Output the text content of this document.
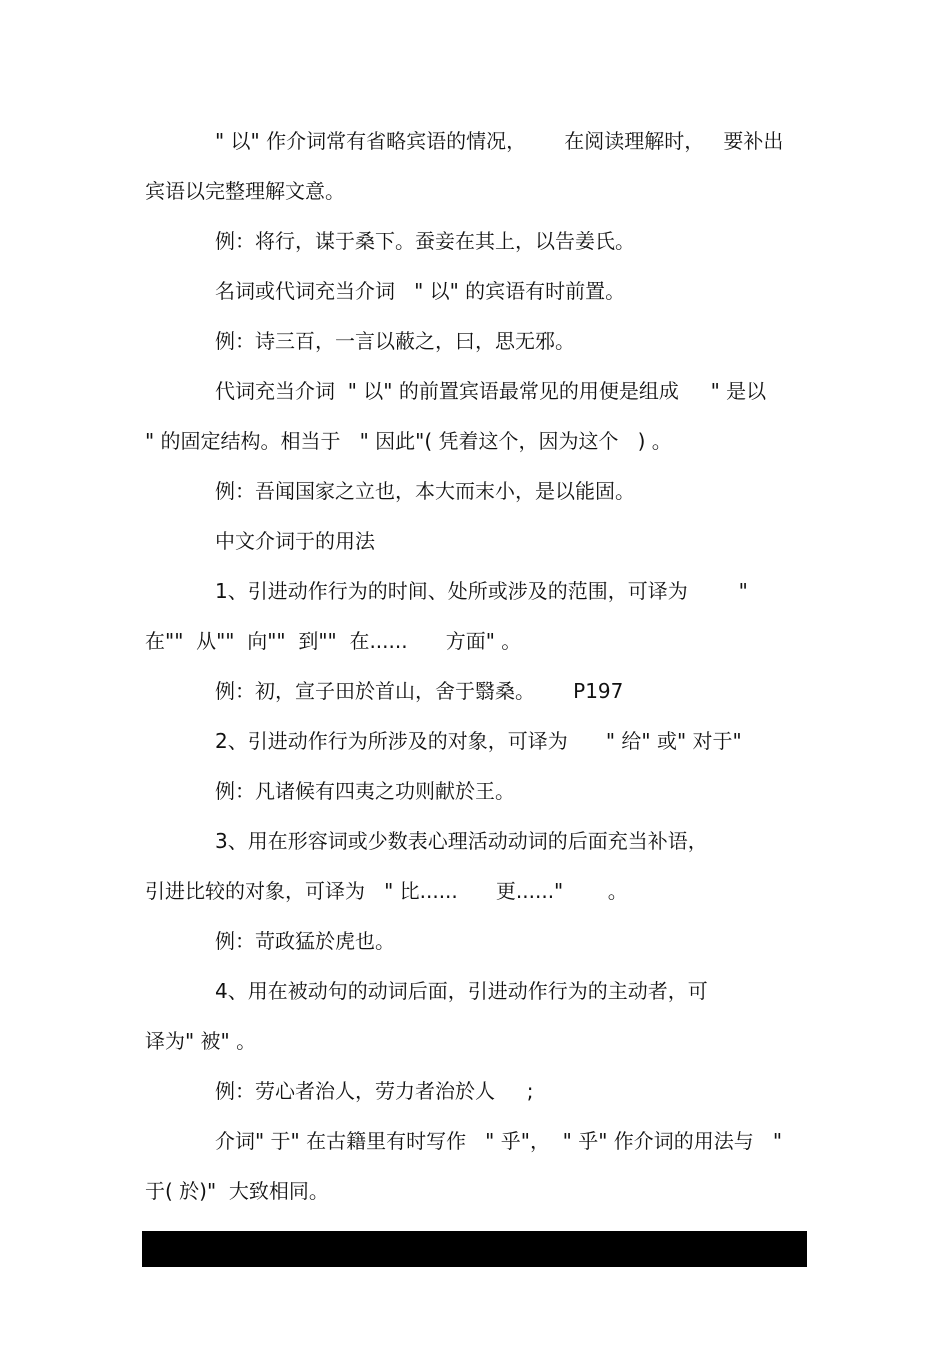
" 以" 作介词常有省略宾语的情况，      在阅读理解时，   要补出
宾语以完整理解文意。
例：将行，谋于桑下。蚕妾在其上，以告姜氏。
名词或代词充当介词   " 以" 的宾语有时前置。
例：诗三百，一言以蔽之，曰，思无邪。
代词充当介词  " 以" 的前置宾语最常见的用便是组成     " 是以
" 的固定结构。相当于   " 因此"( 凭着这个，因为这个   ) 。
例：吾闻国家之立也，本大而末小，是以能固。
中文介词于的用法
1、引进动作行为的时间、处所或涉及的范围，可译为        "
在""  从""  向""  到""  在......      方面" 。
例：初，宣子田於首山，舍于翳桑。      P197
2、引进动作行为所涉及的对象，可译为      " 给" 或" 对于"
例：凡诸候有四夷之功则献於王。
3、用在形容词或少数表心理活动动词的后面充当补语，
引进比较的对象，可译为   " 比......      更......"       。
例：苛政猛於虎也。
4、用在被动句的动词后面，引进动作行为的主动者，可
译为" 被" 。
例：劳心者治人，劳力者治於人     ;
介词" 于" 在古籍里有时写作   " 乎"，  " 乎" 作介词的用法与   "
于( 於)"  大致相同。
